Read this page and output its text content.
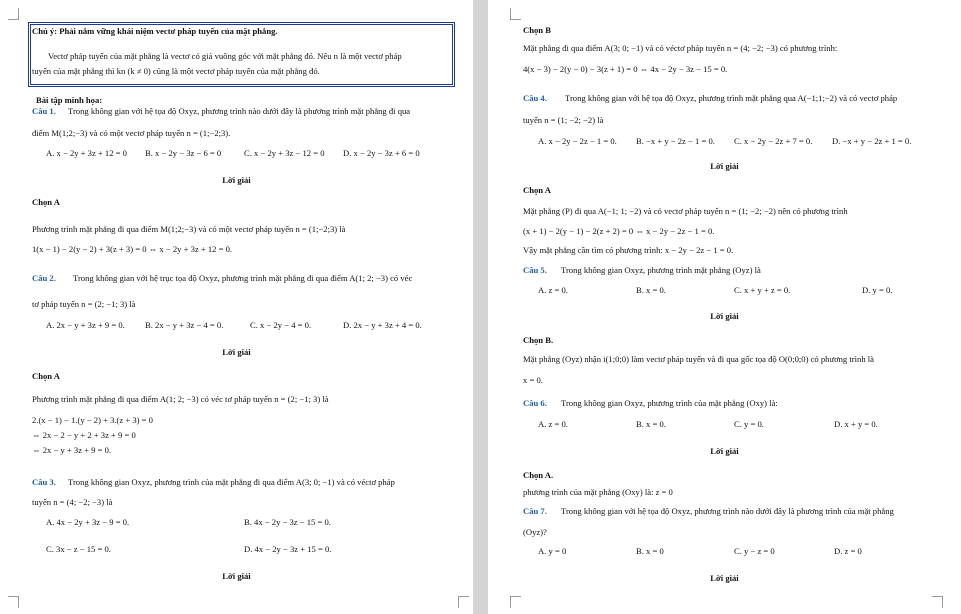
Chú ý: Phải nắm vững khái niệm vectơ pháp tuyến của mặt phẳng.
Vectơ pháp tuyến của mặt phẳng là vectơ có giá vuông góc với mặt phẳng đó. Nếu n là một vectơ pháp
tuyến của mặt phẳng thì kn (k ≠ 0) cũng là một vectơ pháp tuyến của mặt phẳng đó.
Bài tập minh họa:
Câu 1. Trong không gian với hệ tọa độ Oxyz, phương trình nào dưới đây là phương trình mặt phẳng đi qua
điểm M(1;2;−3) và có một vectơ pháp tuyến n = (1;−2;3).
A. x − 2y + 3z + 12 = 0 B. x − 2y − 3z − 6 = 0	C. x − 2y + 3z − 12 = 0 D. x − 2y − 3z + 6 = 0
Lời giải
Chọn A
Phương trình mặt phẳng đi qua điểm M(1;2;−3) và có một vectơ pháp tuyến n = (1;−2;3) là
1(x − 1) − 2(y − 2) + 3(z + 3) = 0 ⇔ x − 2y + 3z + 12 = 0.
Câu 2. Trong không gian với hệ trục tọa độ Oxyz, phương trình mặt phẳng đi qua điểm A(1; 2; −3) có véc
tơ pháp tuyến n = (2; −1; 3) là
A. 2x − y + 3z + 9 = 0. B. 2x − y + 3z − 4 = 0.	C. x − 2y − 4 = 0.	D. 2x − y + 3z + 4 = 0.
Lời giải
Chọn A
Phương trình mặt phẳng đi qua điểm A(1; 2; −3) có véc tơ pháp tuyến n = (2; −1; 3) là
2.(x − 1) − 1.(y − 2) + 3.(z + 3) = 0
⇔ 2x − 2 − y + 2 + 3z + 9 = 0
⇔ 2x − y + 3z + 9 = 0.
Câu 3. Trong không gian Oxyz, phương trình của mặt phẳng đi qua điểm A(3; 0; −1) và có véctơ pháp
tuyến n = (4; −2; −3) là
A. 4x − 2y + 3z − 9 = 0.	B. 4x − 2y − 3z − 15 = 0.
C. 3x − z − 15 = 0.	D. 4x − 2y − 3z + 15 = 0.
Lời giải
Chọn B
Mặt phẳng đi qua điểm A(3; 0; −1) và có véctơ pháp tuyến n = (4; −2; −3) có phương trình:
4(x − 3) − 2(y − 0) − 3(z + 1) = 0 ⇔ 4x − 2y − 3z − 15 = 0.
Câu 4. Trong không gian với hệ tọa độ Oxyz, phương trình mặt phẳng qua A(−1;1;−2) và có vectơ pháp
tuyến n = (1; −2; −2) là
A. x − 2y − 2z − 1 = 0. B. −x + y − 2z − 1 = 0. C. x − 2y − 2z + 7 = 0. D. −x + y − 2z + 1 = 0.
Lời giải
Chọn A
Mặt phẳng (P) đi qua A(−1; 1; −2) và có vectơ pháp tuyến n = (1; −2; −2) nên có phương trình
(x + 1) − 2(y − 1) − 2(z + 2) = 0 ⇔ x − 2y − 2z − 1 = 0.
Vậy mặt phẳng cần tìm có phương trình: x − 2y − 2z − 1 = 0.
Câu 5. Trong không gian Oxyz, phương trình mặt phẳng (Oyz) là
A. z = 0.	B. x = 0.	C. x + y + z = 0.	D. y = 0.
Lời giải
Chọn B.
Mặt phẳng (Oyz) nhận i(1;0;0) làm vectơ pháp tuyến và đi qua gốc tọa độ O(0;0;0) có phương trình là
x = 0.
Câu 6. Trong không gian Oxyz, phương trình của mặt phẳng (Oxy) là:
A. z = 0.	B. x = 0.	C. y = 0.	D. x + y = 0.
Lời giải
Chọn A.
phương trình của mặt phẳng (Oxy) là: z = 0
Câu 7. Trong không gian với hệ tọa độ Oxyz, phương trình nào dưới đây là phương trình của mặt phẳng
(Oyz)?
A. y = 0	B. x = 0	C. y − z = 0	D. z = 0
Lời giải
